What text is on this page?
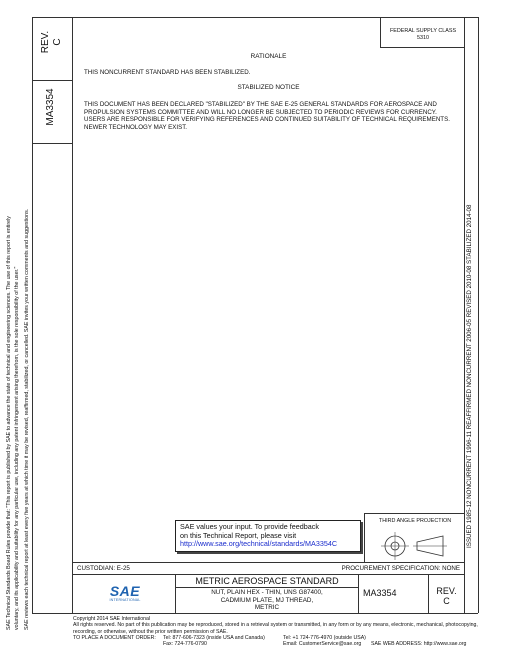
REV. C
MA3354
SAE Technical Standards Board Rules provide that: "This report is published by SAE to advance the state of technical and engineering sciences. The use of this report is entirely voluntary, and its applicability and suitability for any particular use, including any patent infringement arising therefrom, is the sole responsibility of the user." SAE reviews each technical report at least every five years at which time it may be revised, reaffirmed, stabilized, or cancelled. SAE invites your written comments and suggestions.	ISSUED 1985-12 NONCURRENT 1996-11 REAFFIRMED NONCURRENT 2006-05 REVISED 2010-08 STABILIZED 2014-08
FEDERAL SUPPLY CLASS
5310
RATIONALE
THIS NONCURRENT STANDARD HAS BEEN STABILIZED.
STABILIZED NOTICE
THIS DOCUMENT HAS BEEN DECLARED "STABILIZED" BY THE SAE E-25 GENERAL STANDARDS FOR AEROSPACE AND PROPULSION SYSTEMS COMMITTEE AND WILL NO LONGER BE SUBJECTED TO PERIODIC REVIEWS FOR CURRENCY. USERS ARE RESPONSIBLE FOR VERIFYING REFERENCES AND CONTINUED SUITABILITY OF TECHNICAL REQUIREMENTS. NEWER TECHNOLOGY MAY EXIST.
SAE values your input. To provide feedback
on this Technical Report, please visit
http://www.sae.org/technical/standards/MA3354C
THIRD ANGLE PROJECTION
CUSTODIAN: E-25	PROCUREMENT SPECIFICATION: NONE
SAE
INTERNATIONAL
METRIC AEROSPACE STANDARD
NUT, PLAIN HEX - THIN, UNS G87400,
CADMIUM PLATE, MJ THREAD,
METRIC
MA3354	REV.
C
Copyright 2014 SAE International
All rights reserved. No part of this publication may be reproduced, stored in a retrieval system or transmitted, in any form or by any means, electronic, mechanical, photocopying,
recording, or otherwise, without the prior written permission of SAE.
TO PLACE A DOCUMENT ORDER: Tel: 877-606-7323 (inside USA and Canada)
Fax: 724-776-0790
Tel: +1 724-776-4970 (outside USA)
Email: CustomerService@sae.org SAE WEB ADDRESS: http://www.sae.org
